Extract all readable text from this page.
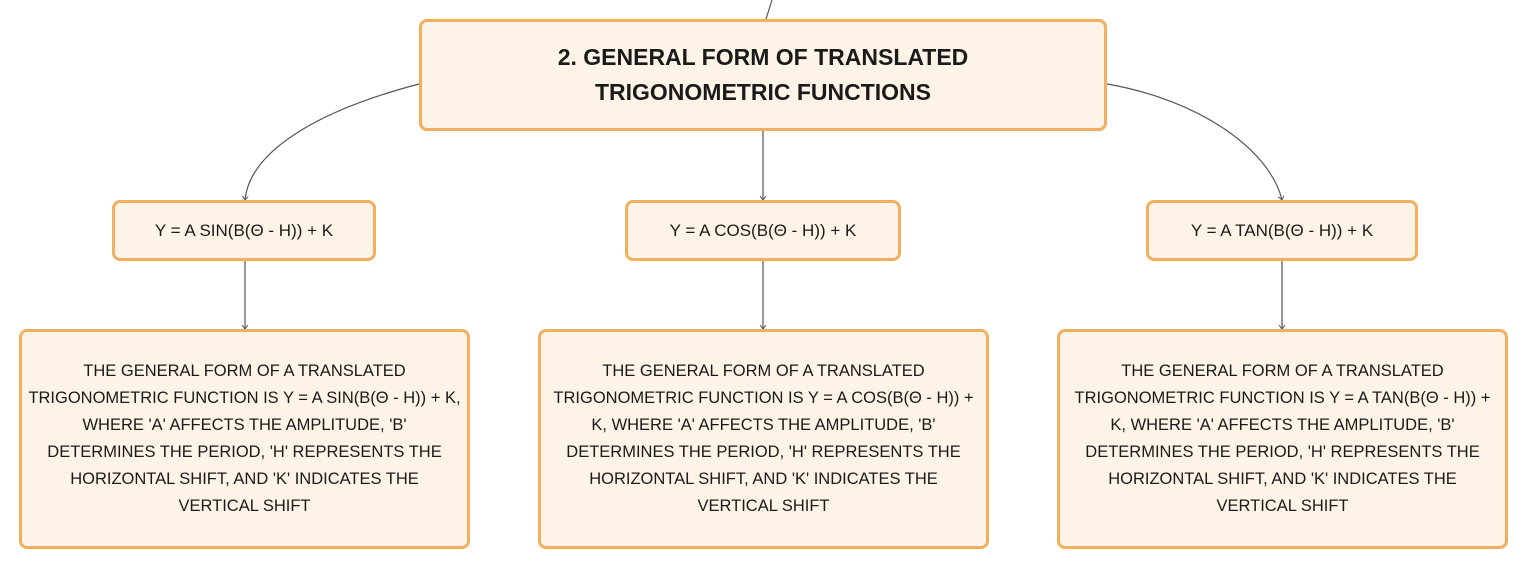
2. GENERAL FORM OF TRANSLATED TRIGONOMETRIC FUNCTIONS
Y = A SIN(B(Θ - H)) + K	Y = A COS(B(Θ - H)) + K	Y = A TAN(B(Θ - H)) + K
THE GENERAL FORM OF A TRANSLATED TRIGONOMETRIC FUNCTION IS Y = A SIN(B(Θ - H)) + K, WHERE 'A' AFFECTS THE AMPLITUDE, 'B' DETERMINES THE PERIOD, 'H' REPRESENTS THE HORIZONTAL SHIFT, AND 'K' INDICATES THE VERTICAL SHIFT
THE GENERAL FORM OF A TRANSLATED TRIGONOMETRIC FUNCTION IS Y = A COS(B(Θ - H)) + K, WHERE 'A' AFFECTS THE AMPLITUDE, 'B' DETERMINES THE PERIOD, 'H' REPRESENTS THE HORIZONTAL SHIFT, AND 'K' INDICATES THE VERTICAL SHIFT
THE GENERAL FORM OF A TRANSLATED TRIGONOMETRIC FUNCTION IS Y = A TAN(B(Θ - H)) + K, WHERE 'A' AFFECTS THE AMPLITUDE, 'B' DETERMINES THE PERIOD, 'H' REPRESENTS THE HORIZONTAL SHIFT, AND 'K' INDICATES THE VERTICAL SHIFT
